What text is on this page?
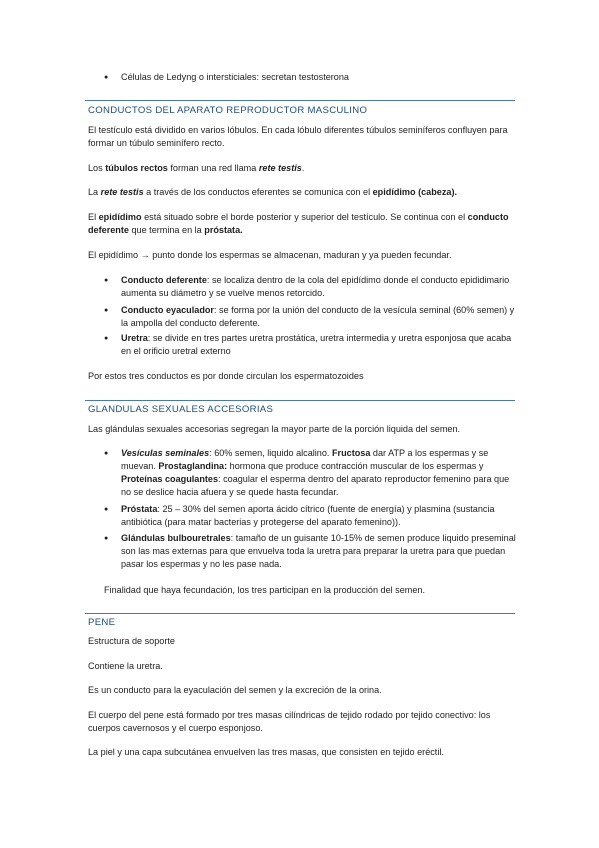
● Células de Ledyng o intersticiales: secretan testosterona

CONDUCTOS DEL APARATO REPRODUCTOR MASCULINO

El testículo está dividido en varios lóbulos. En cada lóbulo diferentes túbulos seminíferos confluyen para formar un túbulo seminífero recto.

Los túbulos rectos forman una red llama rete testis.

La rete testis a través de los conductos eferentes se comunica con el epidídimo (cabeza).

El epidídimo está situado sobre el borde posterior y superior del testículo. Se continua con el conducto deferente que termina en la próstata.

El epidídimo → punto donde los espermas se almacenan, maduran y ya pueden fecundar.

● Conducto deferente: se localiza dentro de la cola del epidídimo donde el conducto epididimario aumenta su diámetro y se vuelve menos retorcido.

● Conducto eyaculador: se forma por la unión del conducto de la vesícula seminal (60% semen) y la ampolla del conducto deferente.

● Uretra: se divide en tres partes uretra prostática, uretra intermedia y uretra esponjosa que acaba en el orificio uretral externo

Por estos tres conductos es por donde circulan los espermatozoides

GLANDULAS SEXUALES ACCESORIAS

Las glándulas sexuales accesorias segregan la mayor parte de la porción liquida del semen.

● Vesículas seminales: 60% semen, liquido alcalino. Fructosa dar ATP a los espermas y se muevan. Prostaglandina: hormona que produce contracción muscular de los espermas y Proteínas coagulantes: coagular el esperma dentro del aparato reproductor femenino para que no se deslice hacia afuera y se quede hasta fecundar.

● Próstata: 25 – 30% del semen aporta ácido cítrico (fuente de energía) y plasmina (sustancia antibiótica (para matar bacterias y protegerse del aparato femenino)).

● Glándulas bulbouretrales: tamaño de un guisante 10-15% de semen produce liquido preseminal son las mas externas para que envuelva toda la uretra para preparar la uretra para que puedan pasar los espermas y no les pase nada.

Finalidad que haya fecundación, los tres participan en la producción del semen.

PENE

Estructura de soporte

Contiene la uretra.

Es un conducto para la eyaculación del semen y la excreción de la orina.

El cuerpo del pene está formado por tres masas cilíndricas de tejido rodado por tejido conectivo: los cuerpos cavernosos y el cuerpo esponjoso.

La piel y una capa subcutánea envuelven las tres masas, que consisten en tejido eréctil.
